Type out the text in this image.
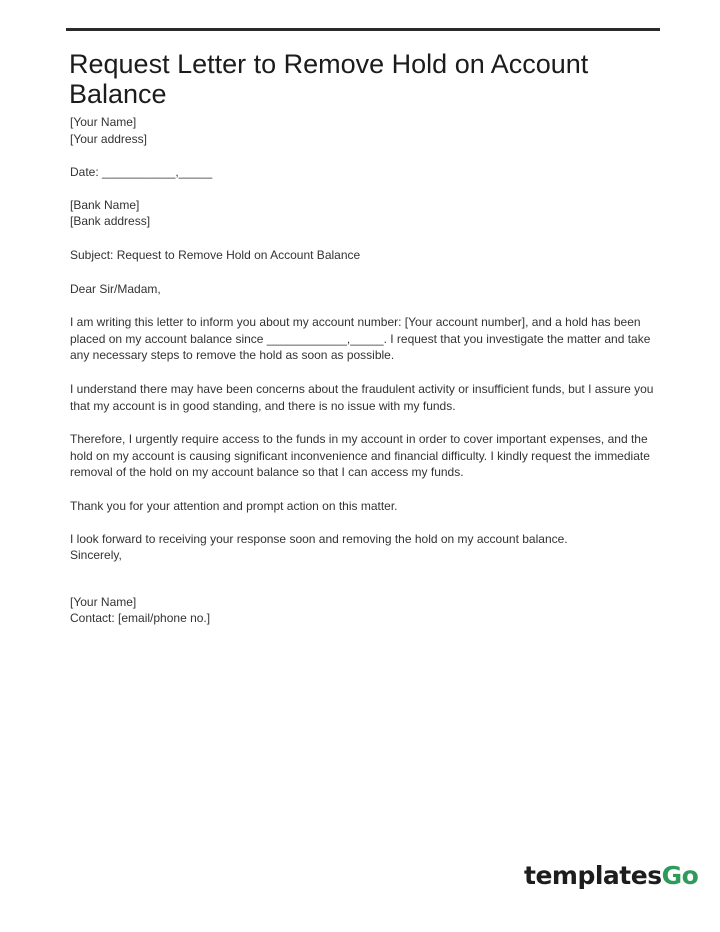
Request Letter to Remove Hold on Account Balance

[Your Name]
[Your address]

Date: ___________,_____

[Bank Name]
[Bank address]

Subject: Request to Remove Hold on Account Balance

Dear Sir/Madam,

I am writing this letter to inform you about my account number: [Your account number], and a hold has been placed on my account balance since ____________,_____. I request that you investigate the matter and take any necessary steps to remove the hold as soon as possible.

I understand there may have been concerns about the fraudulent activity or insufficient funds, but I assure you that my account is in good standing, and there is no issue with my funds.

Therefore, I urgently require access to the funds in my account in order to cover important expenses, and the hold on my account is causing significant inconvenience and financial difficulty. I kindly request the immediate removal of the hold on my account balance so that I can access my funds.

Thank you for your attention and prompt action on this matter.

I look forward to receiving your response soon and removing the hold on my account balance.
Sincerely,

[Your Name]
Contact: [email/phone no.]

templatesGo
